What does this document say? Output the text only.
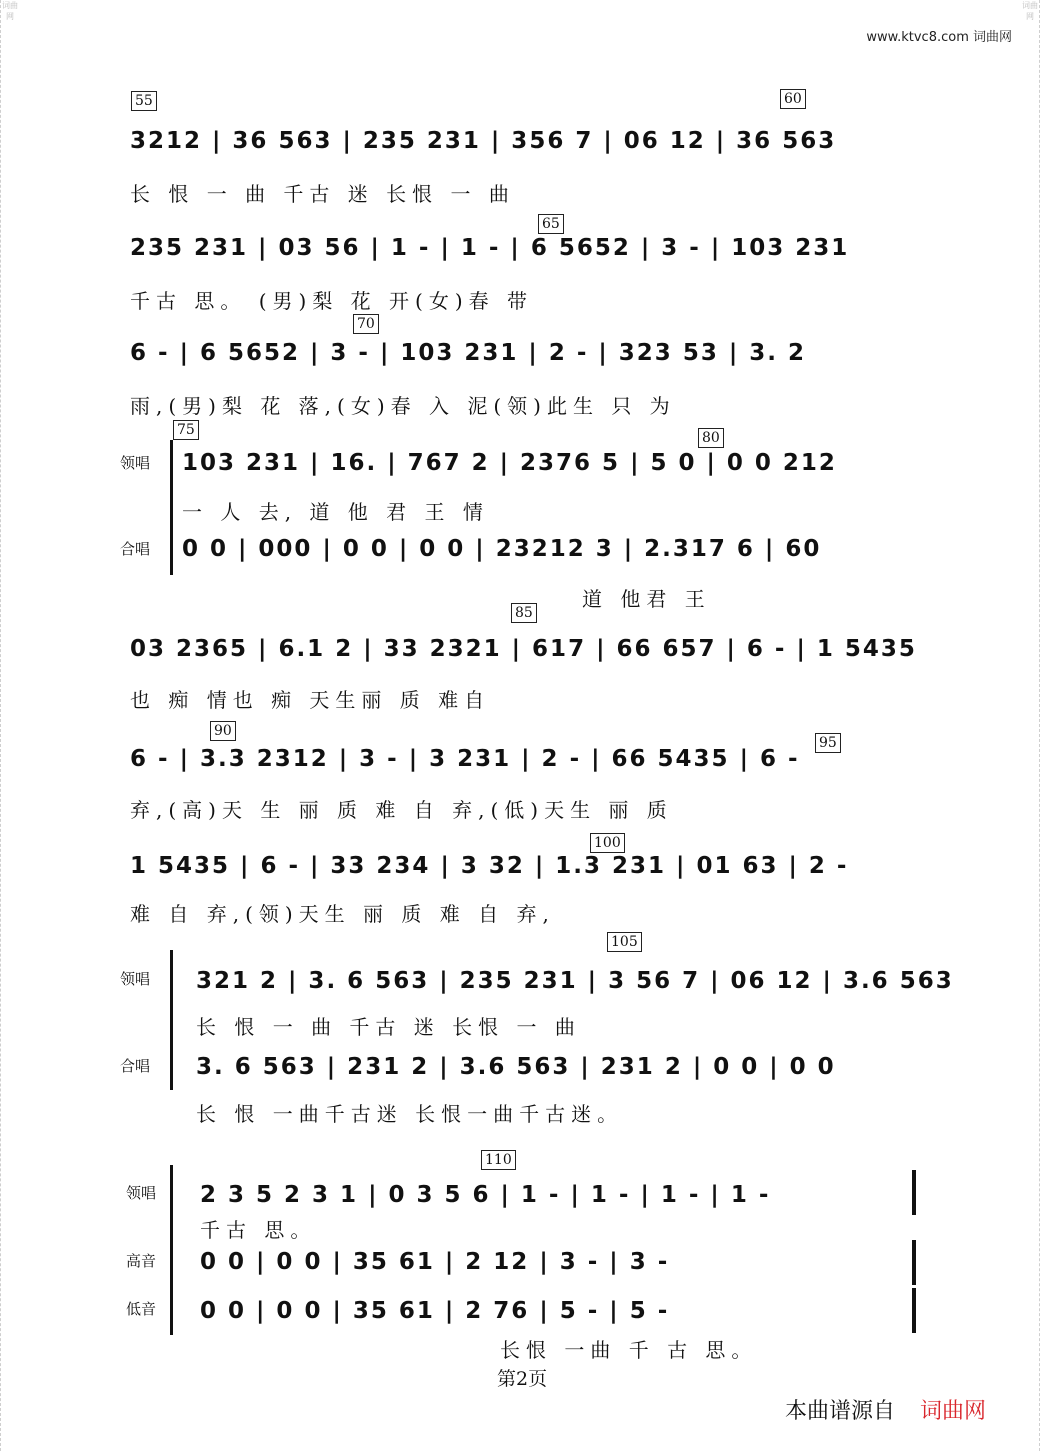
词曲网
词曲网
www.ktvc8.com 词曲网
55	60
65
70
75	80
85
90
95
100
105
110
3212 | 36 563 | 235 231 | 356 7 | 06 12 | 36 563
长 恨 一 曲 千古 迷 长恨 一 曲
235 231 | 03 56 | 1 - | 1 - | 6 5652 | 3 - | 103 231
千古 思。 (男)梨 花 开(女)春 带
6 - | 6 5652 | 3 - | 103 231 | 2 - | 323 53 | 3. 2
雨,(男)梨 花 落,(女)春 入 泥(领)此生 只 为
领唱
合唱
103 231 | 16. | 767 2 | 2376 5 | 5 0 | 0 0 212
一 人 去, 道 他 君 王 情
0 0 | 000 | 0 0 | 0 0 | 23212 3 | 2.317 6 | 60
道 他君 王
03 2365 | 6.1 2 | 33 2321 | 617 | 66 657 | 6 - | 1 5435
也 痴 情也 痴 天生丽 质 难自
6 - | 3.3 2312 | 3 - | 3 231 | 2 - | 66 5435 | 6 -
弃,(高)天 生 丽 质 难 自 弃,(低)天生 丽 质
1 5435 | 6 - | 33 234 | 3 32 | 1.3 231 | 01 63 | 2 -
难 自 弃,(领)天生 丽 质 难 自 弃,
领唱
合唱
321 2 | 3. 6 563 | 235 231 | 3 56 7 | 06 12 | 3.6 563
长 恨 一 曲 千古 迷 长恨 一 曲
3. 6 563 | 231 2 | 3.6 563 | 231 2 | 0 0 | 0 0
长 恨 一曲千古迷 长恨一曲千古迷。
领唱
高音
低音
2 3 5 2 3 1 | 0 3 5 6 | 1 - | 1 - | 1 - | 1 -
千古 思。
0 0 | 0 0 | 35 61 | 2 12 | 3 - | 3 -
0 0 | 0 0 | 35 61 | 2 76 | 5 - | 5 -
长恨 一曲 千 古 思。
第2页
本曲谱源自 词曲网
